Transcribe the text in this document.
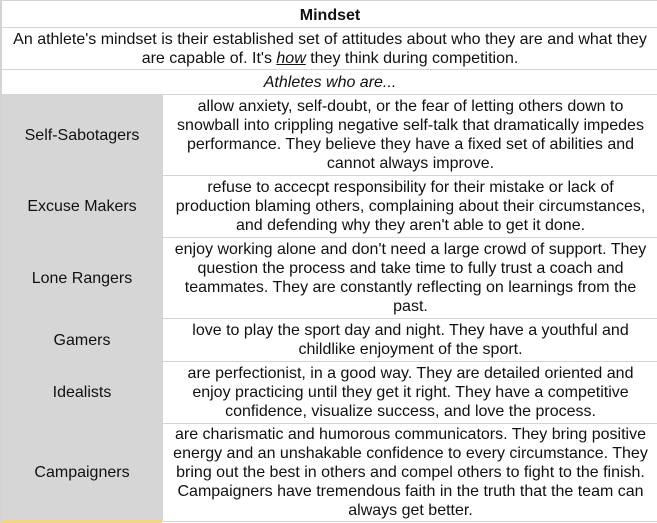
Mindset	
An athlete's mindset is their established set of attitudes about who they are and what they are capable of. It's how they think during competition.	
Athletes who are...	
Self-Sabotagers	allow anxiety, self-doubt, or the fear of letting others down to snowball into crippling negative self-talk that dramatically impedes performance. They believe they have a fixed set of abilities and cannot always improve.
Excuse Makers	refuse to accecpt responsibility for their mistake or lack of production blaming others, complaining about their circumstances, and defending why they aren't able to get it done.
Lone Rangers	enjoy working alone and don't need a large crowd of support. They question the process and take time to fully trust a coach and teammates. They are constantly reflecting on learnings from the past.
Gamers	love to play the sport day and night. They have a youthful and childlike enjoyment of the sport.
Idealists	are perfectionist, in a good way. They are detailed oriented and enjoy practicing until they get it right. They have a competitive confidence, visualize success, and love the process.
Campaigners	are charismatic and humorous communicators. They bring positive energy and an unshakable confidence to every circumstance. They bring out the best in others and compel others to fight to the finish. Campaigners have tremendous faith in the truth that the team can always get better.
